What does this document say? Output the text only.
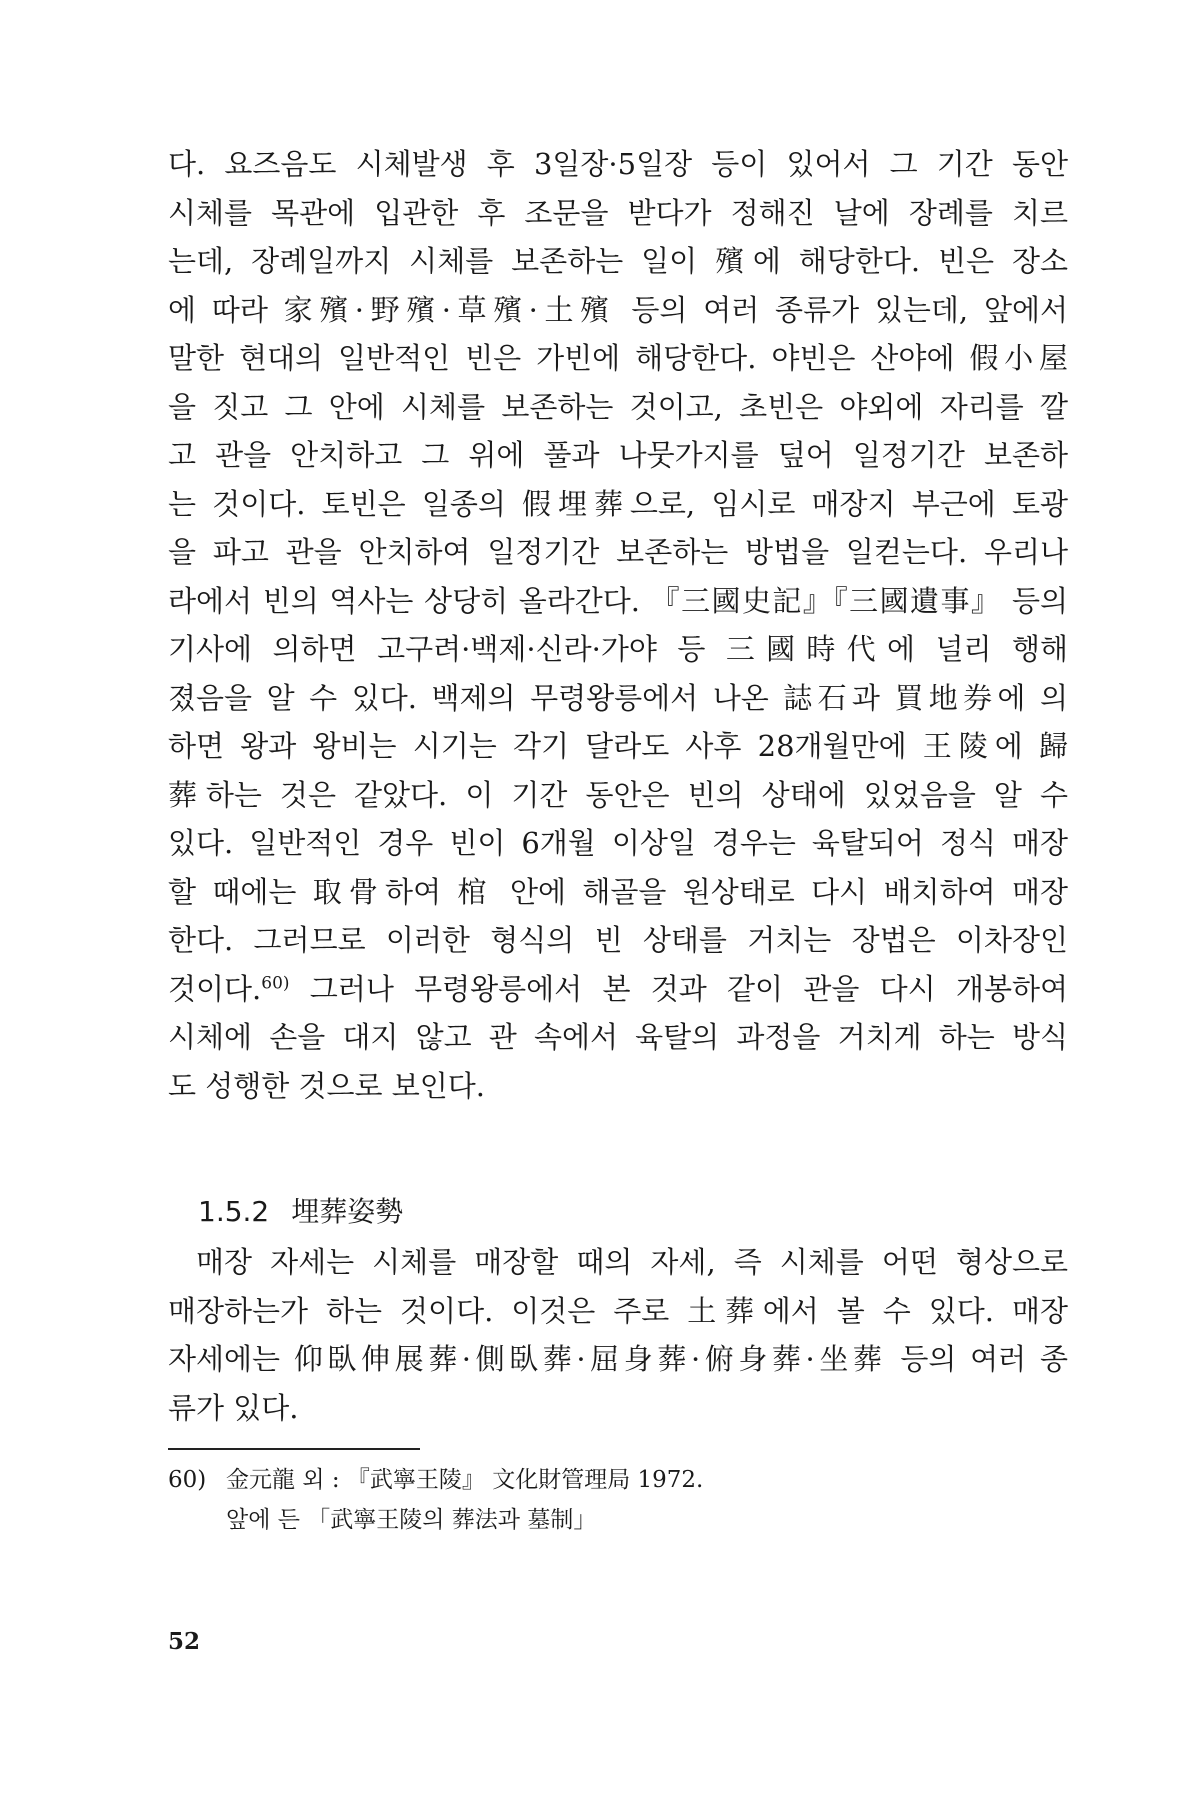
다. 요즈음도 시체발생 후 3일장·5일장 등이 있어서 그 기간 동안
시체를 목관에 입관한 후 조문을 받다가 정해진 날에 장례를 치르
는데, 장례일까지 시체를 보존하는 일이 殯에 해당한다. 빈은 장소
에 따라 家殯·野殯·草殯·土殯 등의 여러 종류가 있는데, 앞에서
말한 현대의 일반적인 빈은 가빈에 해당한다. 야빈은 산야에 假小屋
을 짓고 그 안에 시체를 보존하는 것이고, 초빈은 야외에 자리를 깔
고 관을 안치하고 그 위에 풀과 나뭇가지를 덮어 일정기간 보존하
는 것이다. 토빈은 일종의 假埋葬으로, 임시로 매장지 부근에 토광
을 파고 관을 안치하여 일정기간 보존하는 방법을 일컫는다. 우리나
라에서 빈의 역사는 상당히 올라간다. 『三國史記』『三國遺事』 등의
기사에 의하면 고구려·백제·신라·가야 등 三國時代에 널리 행해
졌음을 알 수 있다. 백제의 무령왕릉에서 나온 誌石과 買地券에 의
하면 왕과 왕비는 시기는 각기 달라도 사후 28개월만에 王陵에 歸
葬하는 것은 같았다. 이 기간 동안은 빈의 상태에 있었음을 알 수
있다. 일반적인 경우 빈이 6개월 이상일 경우는 육탈되어 정식 매장
할 때에는 取骨하여 棺 안에 해골을 원상태로 다시 배치하여 매장
한다. 그러므로 이러한 형식의 빈 상태를 거치는 장법은 이차장인
것이다.$^{60)}$ 그러나 무령왕릉에서 본 것과 같이 관을 다시 개봉하여
시체에 손을 대지 않고 관 속에서 육탈의 과정을 거치게 하는 방식
도 성행한 것으로 보인다.
1.5.2 埋葬姿勢
매장 자세는 시체를 매장할 때의 자세, 즉 시체를 어떤 형상으로
매장하는가 하는 것이다. 이것은 주로 土葬에서 볼 수 있다. 매장
자세에는 仰臥伸展葬·側臥葬·屈身葬·俯身葬·坐葬 등의 여러 종
류가 있다.
60) 金元龍 외 : 『武寧王陵』 文化財管理局 1972.
앞에 든 「武寧王陵의 葬法과 墓制」
52
